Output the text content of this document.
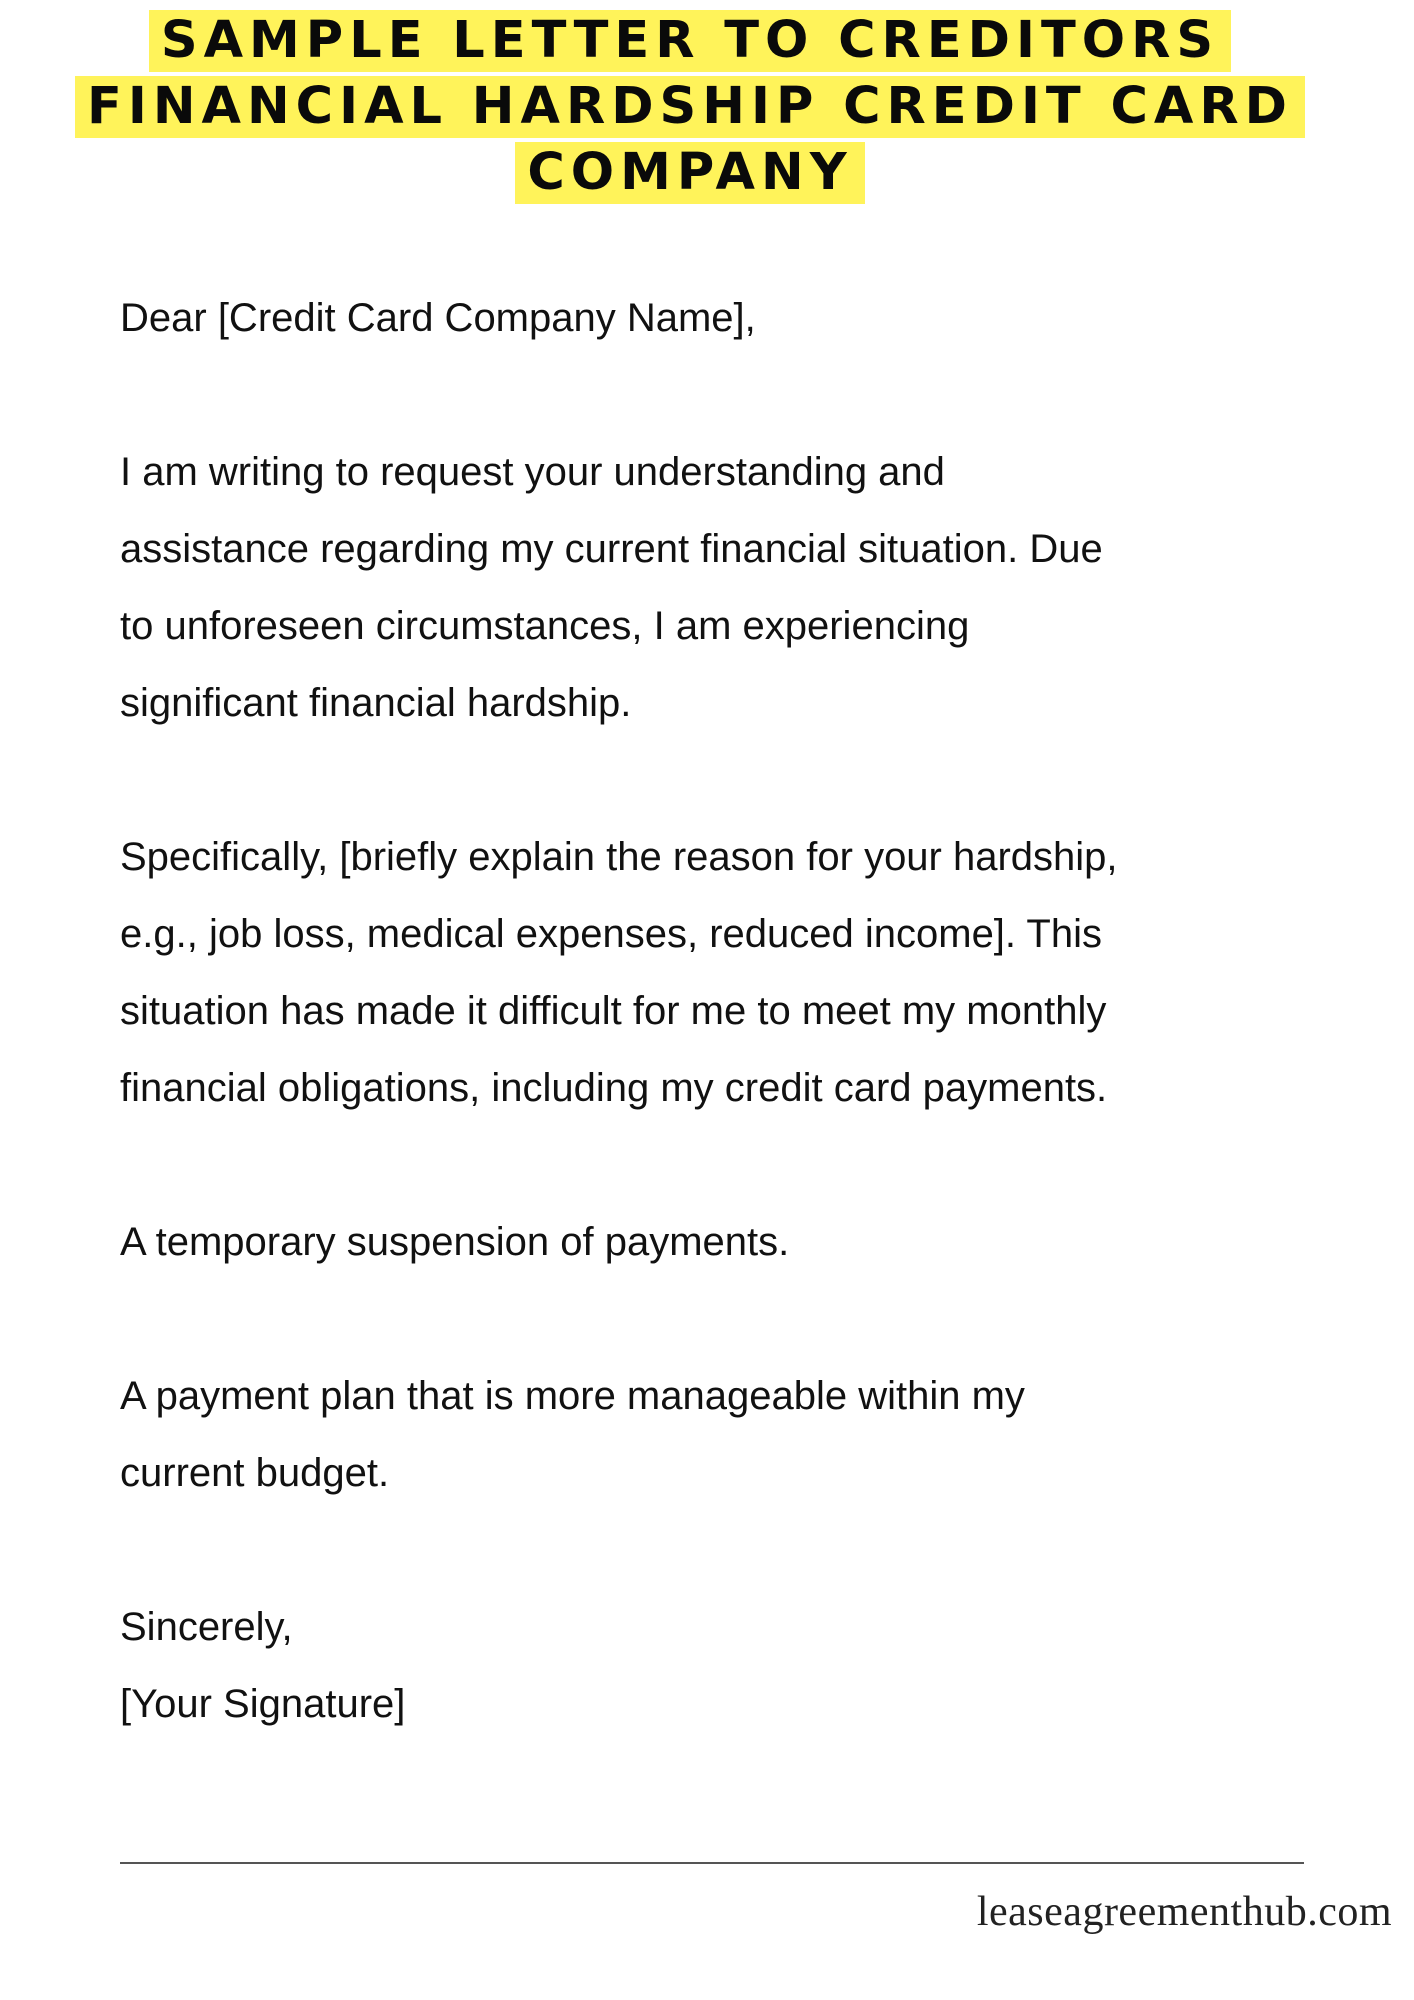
SAMPLE LETTER TO CREDITORS
FINANCIAL HARDSHIP CREDIT CARD
COMPANY

Dear [Credit Card Company Name],

I am writing to request your understanding and
assistance regarding my current financial situation. Due
to unforeseen circumstances, I am experiencing
significant financial hardship.

Specifically, [briefly explain the reason for your hardship,
e.g., job loss, medical expenses, reduced income]. This
situation has made it difficult for me to meet my monthly
financial obligations, including my credit card payments.

A temporary suspension of payments.

A payment plan that is more manageable within my
current budget.

Sincerely,
[Your Signature]

leaseagreementhub.com
